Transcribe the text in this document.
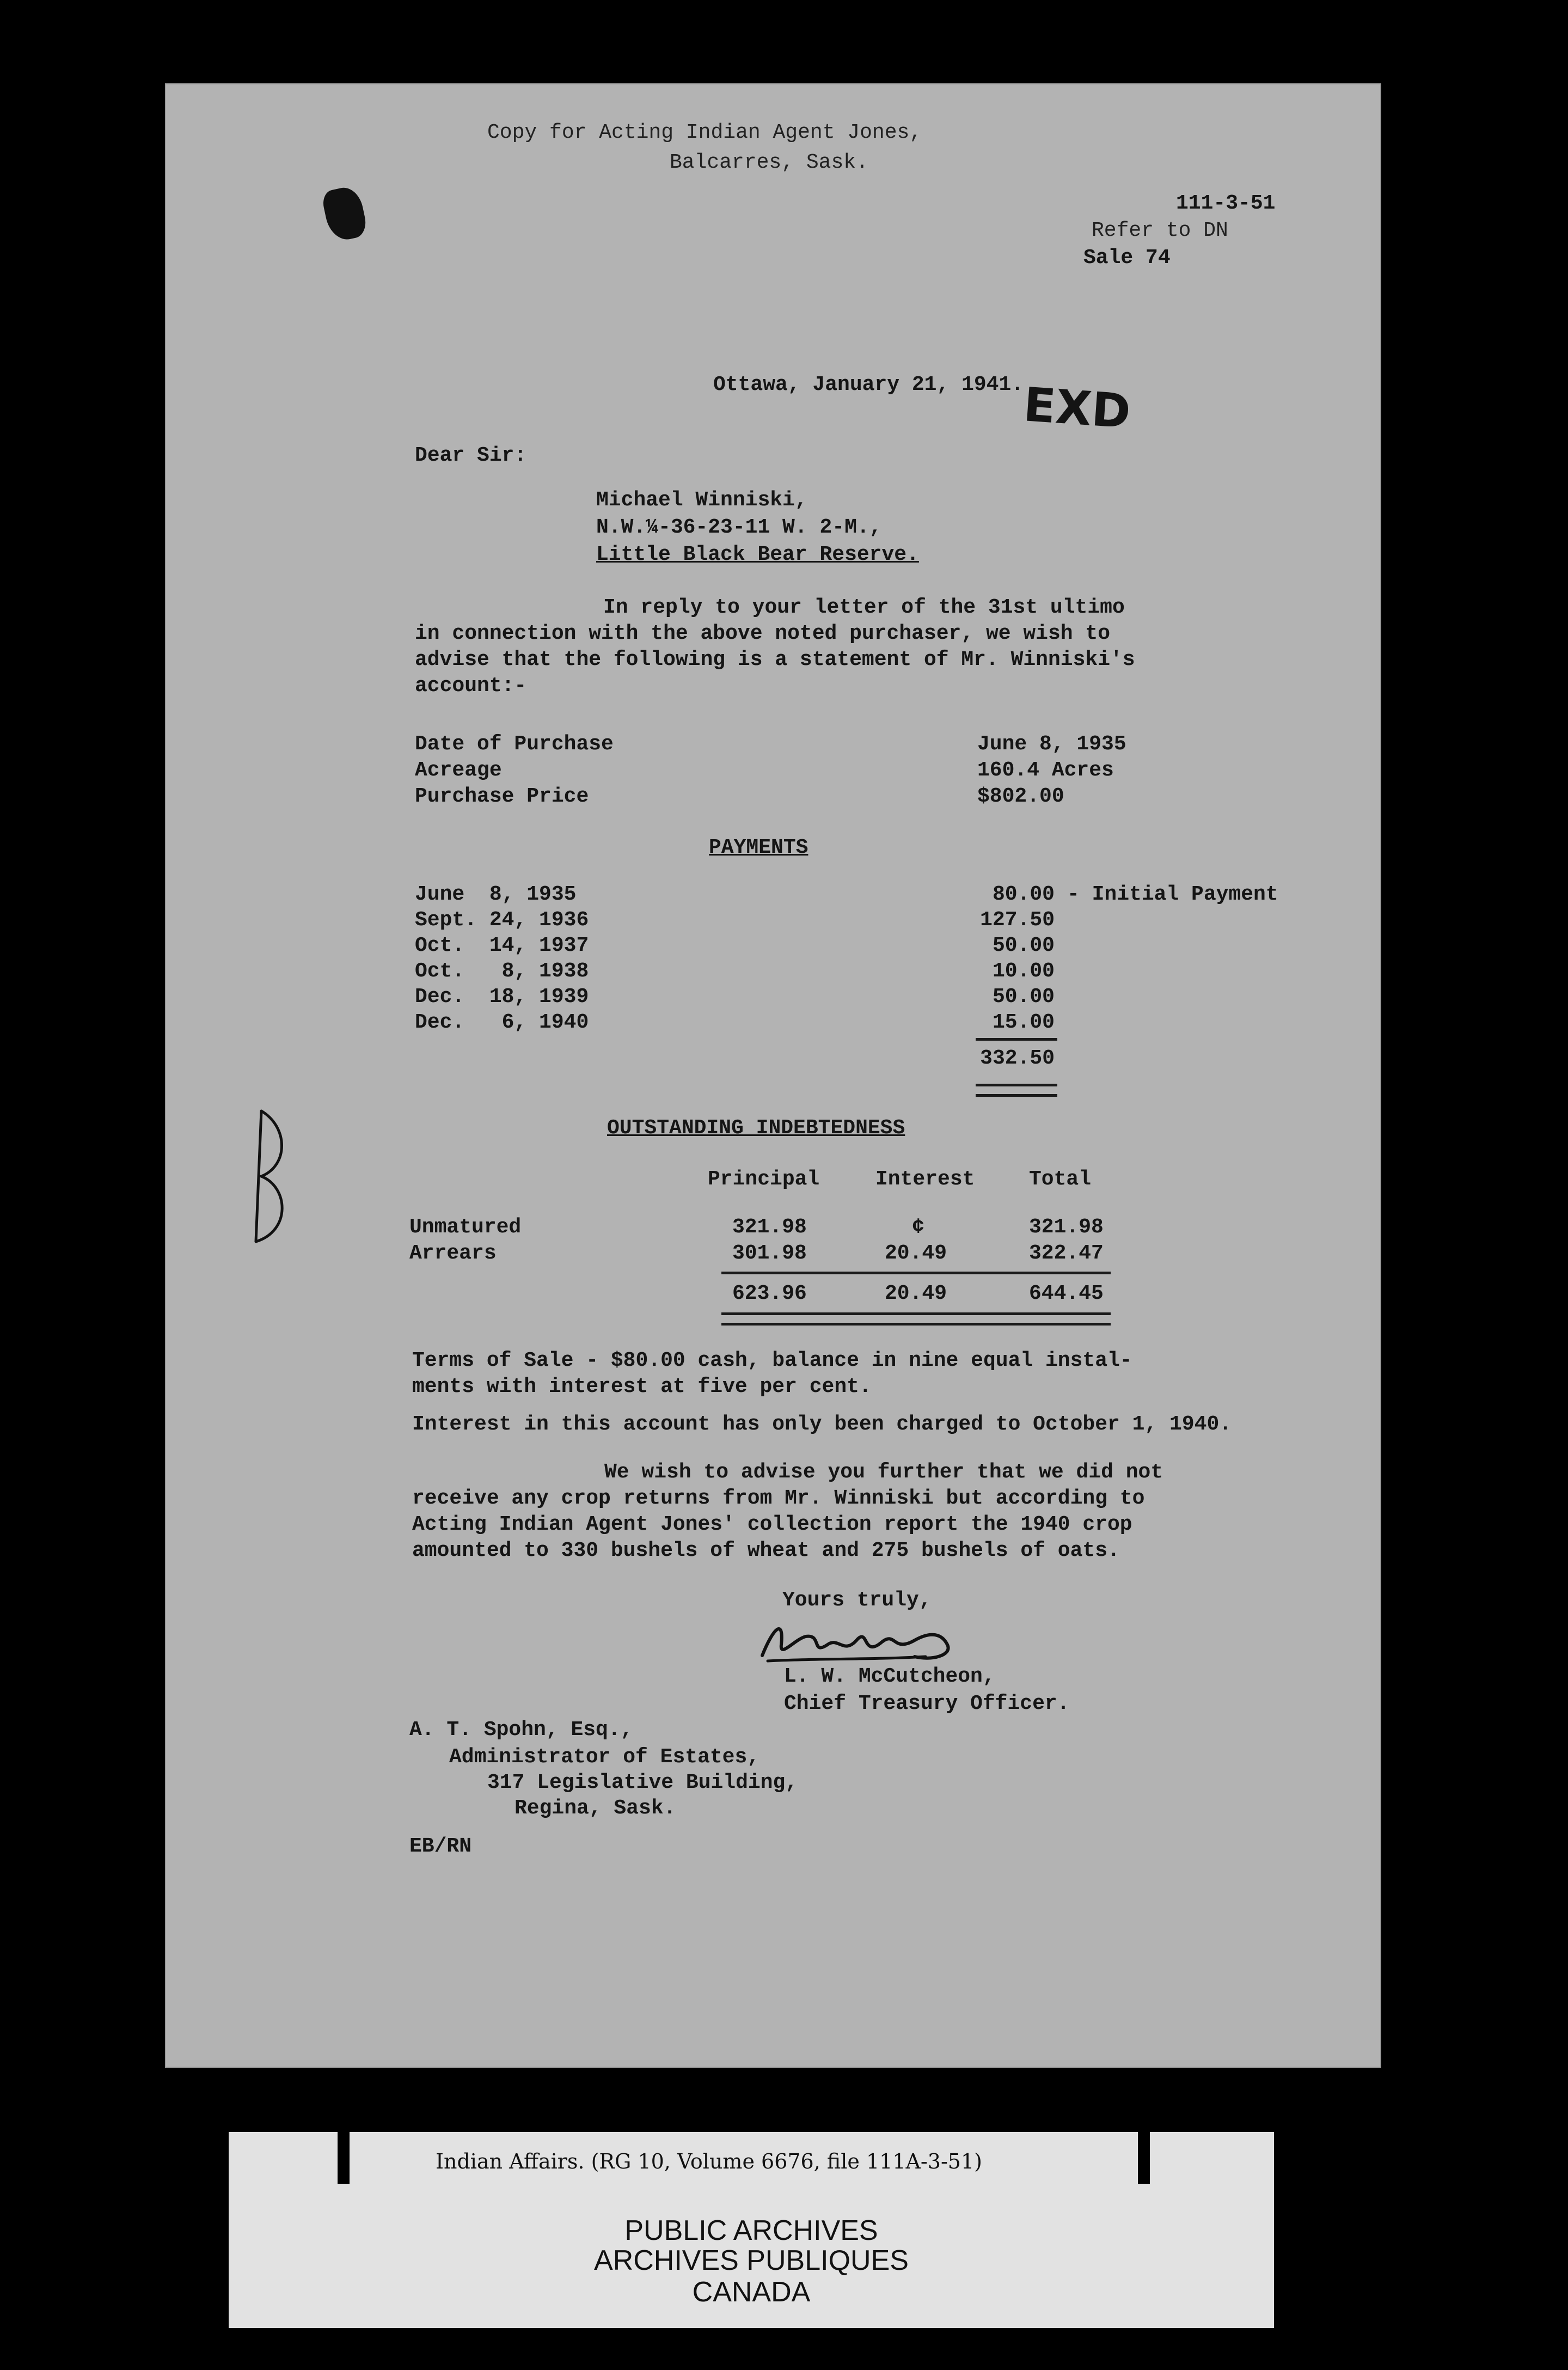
Copy for Acting Indian Agent Jones,
Balcarres, Sask.
111-3-51
Refer to DN
Sale 74
Ottawa, January 21, 1941.
EXD
Dear Sir:
Michael Winniski,
N.W.¼-36-23-11 W. 2-M.,
Little Black Bear Reserve.
In reply to your letter of the 31st ultimo
in connection with the above noted purchaser, we wish to
advise that the following is a statement of Mr. Winniski's
account:-
Date of Purchase	June 8, 1935
Acreage	160.4 Acres
Purchase Price	$802.00
PAYMENTS
June  8, 1935	80.00 - Initial Payment
Sept. 24, 1936	127.50
Oct.  14, 1937	50.00
Oct.   8, 1938	10.00
Dec.  18, 1939	50.00
Dec.   6, 1940	15.00
332.50
OUTSTANDING INDEBTEDNESS
Principal	Interest	Total
Unmatured	321.98	¢	321.98
Arrears	301.98	20.49	322.47
623.96	20.49	644.45
Terms of Sale - $80.00 cash, balance in nine equal instal-
ments with interest at five per cent.
Interest in this account has only been charged to October 1, 1940.
We wish to advise you further that we did not
receive any crop returns from Mr. Winniski but according to
Acting Indian Agent Jones' collection report the 1940 crop
amounted to 330 bushels of wheat and 275 bushels of oats.
Yours truly,
L. W. McCutcheon,
Chief Treasury Officer.
A. T. Spohn, Esq.,
Administrator of Estates,
317 Legislative Building,
Regina, Sask.
EB/RN
Indian Affairs. (RG 10, Volume 6676, file 111A-3-51)
PUBLIC ARCHIVES
ARCHIVES PUBLIQUES
CANADA
